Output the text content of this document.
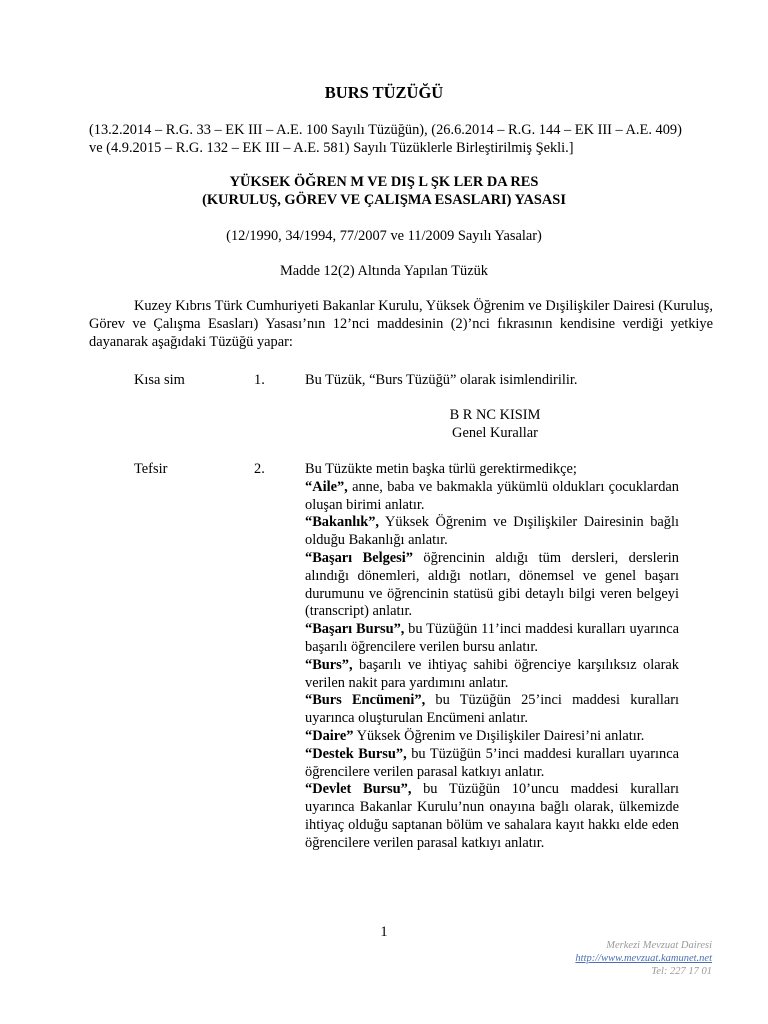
BURS TÜZÜĞÜ
(13.2.2014 – R.G. 33 – EK III – A.E. 100 Sayılı Tüzüğün), (26.6.2014 – R.G. 144 – EK III – A.E. 409)
ve (4.9.2015 – R.G. 132 – EK III – A.E. 581) Sayılı Tüzüklerle Birleştirilmiş Şekli.]
YÜKSEK ÖĞREN M VE DIŞ L ŞK LER DA RES
(KURULUŞ, GÖREV VE ÇALIŞMA ESASLARI) YASASI
(12/1990, 34/1994, 77/2007 ve 11/2009 Sayılı Yasalar)
Madde 12(2) Altında Yapılan Tüzük
Kuzey Kıbrıs Türk Cumhuriyeti Bakanlar Kurulu, Yüksek Öğrenim ve Dışilişkiler Dairesi (Kuruluş, Görev ve Çalışma Esasları) Yasası’nın 12’nci maddesinin (2)’nci fıkrasının kendisine verdiği yetkiye dayanarak aşağıdaki Tüzüğü yapar:
Kısa sim	1.	Bu Tüzük, “Burs Tüzüğü” olarak isimlendirilir.
B R NC KISIM
Genel Kurallar
Tefsir	2.	Bu Tüzükte metin başka türlü gerektirmedikçe;
“Aile”, anne, baba ve bakmakla yükümlü oldukları çocuklardan oluşan birimi anlatır.
“Bakanlık”, Yüksek Öğrenim ve Dışilişkiler Dairesinin bağlı olduğu Bakanlığı anlatır.
“Başarı Belgesi” öğrencinin aldığı tüm dersleri, derslerin alındığı dönemleri, aldığı notları, dönemsel ve genel başarı durumunu ve öğrencinin statüsü gibi detaylı bilgi veren belgeyi (transcript) anlatır.
“Başarı Bursu”, bu Tüzüğün 11’inci maddesi kuralları uyarınca başarılı öğrencilere verilen bursu anlatır.
“Burs”, başarılı ve ihtiyaç sahibi öğrenciye karşılıksız olarak verilen nakit para yardımını anlatır.
“Burs Encümeni”, bu Tüzüğün 25’inci maddesi kuralları uyarınca oluşturulan Encümeni anlatır.
“Daire” Yüksek Öğrenim ve Dışilişkiler Dairesi’ni anlatır.
“Destek Bursu”, bu Tüzüğün 5’inci maddesi kuralları uyarınca öğrencilere verilen parasal katkıyı anlatır.
“Devlet Bursu”, bu Tüzüğün 10’uncu maddesi kuralları uyarınca Bakanlar Kurulu’nun onayına bağlı olarak, ülkemizde ihtiyaç olduğu saptanan bölüm ve sahalara kayıt hakkı elde eden öğrencilere verilen parasal katkıyı anlatır.
1
Merkezi Mevzuat Dairesi
http://www.mevzuat.kamunet.net
Tel: 227 17 01
